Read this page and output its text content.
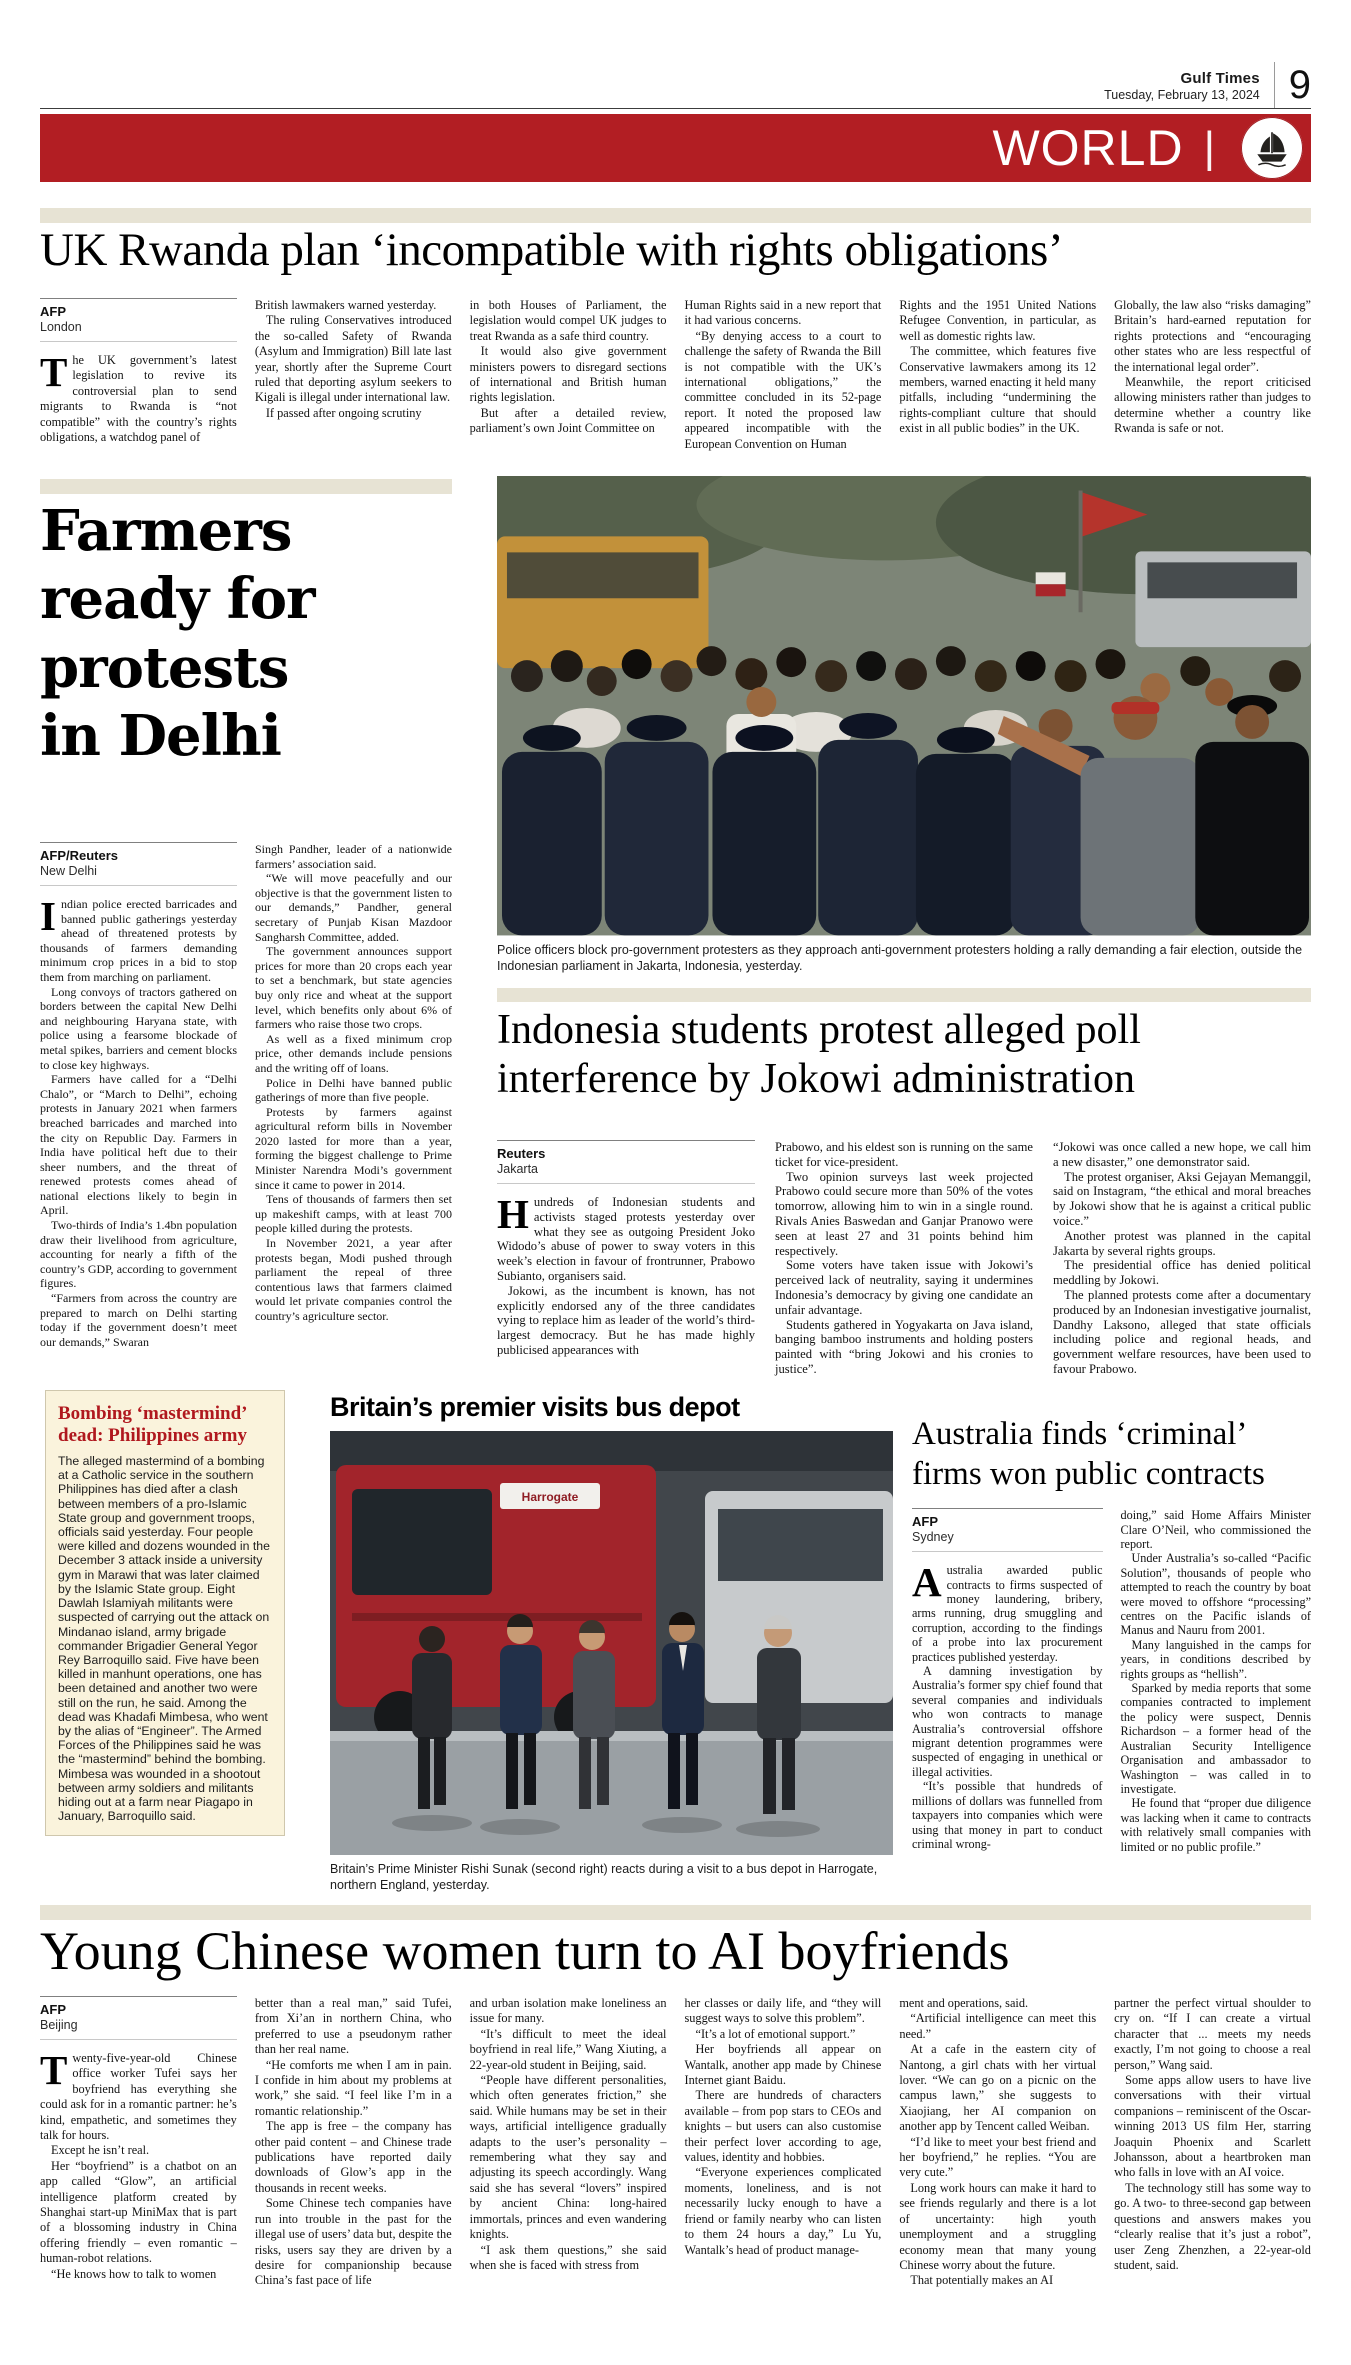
Gulf Times
Tuesday, February 13, 2024 9
WORLD |
UK Rwanda plan ‘incompatible with rights obligations’
AFP
London

The UK government’s latest legislation to revive its controversial plan to send migrants to Rwanda is “not compatible” with the country’s rights obligations, a watchdog panel of

British lawmakers warned yesterday.

The ruling Conservatives introduced the so-called Safety of Rwanda (Asylum and Immigration) Bill late last year, shortly after the Supreme Court ruled that deporting asylum seekers to Kigali is illegal under international law.

If passed after ongoing scrutiny

in both Houses of Parliament, the legislation would compel UK judges to treat Rwanda as a safe third country.

It would also give government ministers powers to disregard sections of international and British human rights legislation.

But after a detailed review, parliament’s own Joint Committee on

Human Rights said in a new report that it had various concerns.

“By denying access to a court to challenge the safety of Rwanda the Bill is not compatible with the UK’s international obligations,” the committee concluded in its 52-page report. It noted the proposed law appeared incompatible with the European Convention on Human

Rights and the 1951 United Nations Refugee Convention, in particular, as well as domestic rights law.

The committee, which features five Conservative lawmakers among its 12 members, warned enacting it held many pitfalls, including “undermining the rights-compliant culture that should exist in all public bodies” in the UK.

Globally, the law also “risks damaging” Britain’s hard-earned reputation for rights protections and “encouraging other states who are less respectful of the international legal order”.

Meanwhile, the report criticised allowing ministers rather than judges to determine whether a country like Rwanda is safe or not.

Farmers ready for protests in Delhi
AFP/Reuters
New Delhi

Indian police erected barricades and banned public gatherings yesterday ahead of threatened protests by thousands of farmers demanding minimum crop prices in a bid to stop them from marching on parliament.

Long convoys of tractors gathered on borders between the capital New Delhi and neighbouring Haryana state, with police using a fearsome blockade of metal spikes, barriers and cement blocks to close key highways.

Farmers have called for a “Delhi Chalo”, or “March to Delhi”, echoing protests in January 2021 when farmers breached barricades and marched into the city on Republic Day. Farmers in India have political heft due to their sheer numbers, and the threat of renewed protests comes ahead of national elections likely to begin in April.

Two-thirds of India’s 1.4bn population draw their livelihood from agriculture, accounting for nearly a fifth of the country’s GDP, according to government figures.

“Farmers from across the country are prepared to march on Delhi starting today if the government doesn’t meet our demands,” Swaran

Singh Pandher, leader of a nationwide farmers’ association said.

“We will move peacefully and our objective is that the government listen to our demands,” Pandher, general secretary of Punjab Kisan Mazdoor Sangharsh Committee, added.

The government announces support prices for more than 20 crops each year to set a benchmark, but state agencies buy only rice and wheat at the support level, which benefits only about 6% of farmers who raise those two crops.

As well as a fixed minimum crop price, other demands include pensions and the writing off of loans.

Police in Delhi have banned public gatherings of more than five people.

Protests by farmers against agricultural reform bills in November 2020 lasted for more than a year, forming the biggest challenge to Prime Minister Narendra Modi’s government since it came to power in 2014.

Tens of thousands of farmers then set up makeshift camps, with at least 700 people killed during the protests.

In November 2021, a year after protests began, Modi pushed through parliament the repeal of three contentious laws that farmers claimed would let private companies control the country’s agriculture sector.

Police officers block pro-government protesters as they approach anti-government protesters holding a rally demanding a fair election, outside the Indonesian parliament in Jakarta, Indonesia, yesterday.
Indonesia students protest alleged poll interference by Jokowi administration
Reuters
Jakarta

Hundreds of Indonesian students and activists staged protests yesterday over what they see as outgoing President Joko Widodo’s abuse of power to sway voters in this week’s election in favour of frontrunner, Prabowo Subianto, organisers said.

Jokowi, as the incumbent is known, has not explicitly endorsed any of the three candidates vying to replace him as leader of the world’s third-largest democracy. But he has made highly publicised appearances with

Prabowo, and his eldest son is running on the same ticket for vice-president.

Two opinion surveys last week projected Prabowo could secure more than 50% of the votes tomorrow, allowing him to win in a single round. Rivals Anies Baswedan and Ganjar Pranowo were seen at least 27 and 31 points behind him respectively.

Some voters have taken issue with Jokowi’s perceived lack of neutrality, saying it undermines Indonesia’s democracy by giving one candidate an unfair advantage.

Students gathered in Yogyakarta on Java island, banging bamboo instruments and holding posters painted with “bring Jokowi and his cronies to justice”.

“Jokowi was once called a new hope, we call him a new disaster,” one demonstrator said.

The protest organiser, Aksi Gejayan Memanggil, said on Instagram, “the ethical and moral breaches by Jokowi show that he is against a critical public voice.”

Another protest was planned in the capital Jakarta by several rights groups.

The presidential office has denied political meddling by Jokowi.

The planned protests come after a documentary produced by an Indonesian investigative journalist, Dandhy Laksono, alleged that state officials including police and regional heads, and government welfare resources, have been used to favour Prabowo.

Bombing ‘mastermind’ dead: Philippines army

The alleged mastermind of a bombing at a Catholic service in the southern Philippines has died after a clash between members of a pro-Islamic State group and government troops, officials said yesterday. Four people were killed and dozens wounded in the December 3 attack inside a university gym in Marawi that was later claimed by the Islamic State group. Eight Dawlah Islamiyah militants were suspected of carrying out the attack on Mindanao island, army brigade commander Brigadier General Yegor Rey Barroquillo said. Five have been killed in manhunt operations, one has been detained and another two were still on the run, he said. Among the dead was Khadafi Mimbesa, who went by the alias of “Engineer”. The Armed Forces of the Philippines said he was the “mastermind” behind the bombing. Mimbesa was wounded in a shootout between army soldiers and militants hiding out at a farm near Piagapo in January, Barroquillo said.

Britain’s premier visits bus depot
Harrogate

Britain’s Prime Minister Rishi Sunak (second right) reacts during a visit to a bus depot in Harrogate, northern England, yesterday.

Australia finds ‘criminal’ firms won public contracts
AFP
Sydney

Australia awarded public contracts to firms suspected of money laundering, bribery, arms running, drug smuggling and corruption, according to the findings of a probe into lax procurement practices published yesterday.

A damning investigation by Australia’s former spy chief found that several companies and individuals who won contracts to manage Australia’s controversial offshore migrant detention programmes were suspected of engaging in unethical or illegal activities.

“It’s possible that hundreds of millions of dollars was funnelled from taxpayers into companies which were using that money in part to conduct criminal wrong-

doing,” said Home Affairs Minister Clare O’Neil, who commissioned the report.

Under Australia’s so-called “Pacific Solution”, thousands of people who attempted to reach the country by boat were moved to offshore “processing” centres on the Pacific islands of Manus and Nauru from 2001.

Many languished in the camps for years, in conditions described by rights groups as “hellish”.

Sparked by media reports that some companies contracted to implement the policy were suspect, Dennis Richardson – a former head of the Australian Security Intelligence Organisation and ambassador to Washington – was called in to investigate.

He found that “proper due diligence was lacking when it came to contracts with relatively small companies with limited or no public profile.”

Young Chinese women turn to AI boyfriends
AFP
Beijing

Twenty-five-year-old Chinese office worker Tufei says her boyfriend has everything she could ask for in a romantic partner: he’s kind, empathetic, and sometimes they talk for hours.

Except he isn’t real.

Her “boyfriend” is a chatbot on an app called “Glow”, an artificial intelligence platform created by Shanghai start-up MiniMax that is part of a blossoming industry in China offering friendly – even romantic – human-robot relations.

“He knows how to talk to women

better than a real man,” said Tufei, from Xi’an in northern China, who preferred to use a pseudonym rather than her real name.

“He comforts me when I am in pain. I confide in him about my problems at work,” she said. “I feel like I’m in a romantic relationship.”

The app is free – the company has other paid content – and Chinese trade publications have reported daily downloads of Glow’s app in the thousands in recent weeks.

Some Chinese tech companies have run into trouble in the past for the illegal use of users’ data but, despite the risks, users say they are driven by a desire for companionship because China’s fast pace of life

and urban isolation make loneliness an issue for many.

“It’s difficult to meet the ideal boyfriend in real life,” Wang Xiuting, a 22-year-old student in Beijing, said.

“People have different personalities, which often generates friction,” she said. While humans may be set in their ways, artificial intelligence gradually adapts to the user’s personality – remembering what they say and adjusting its speech accordingly. Wang said she has several “lovers” inspired by ancient China: long-haired immortals, princes and even wandering knights.

“I ask them questions,” she said when she is faced with stress from

her classes or daily life, and “they will suggest ways to solve this problem”.

“It’s a lot of emotional support.”

Her boyfriends all appear on Wantalk, another app made by Chinese Internet giant Baidu.

There are hundreds of characters available – from pop stars to CEOs and knights – but users can also customise their perfect lover according to age, values, identity and hobbies.

“Everyone experiences complicated moments, loneliness, and is not necessarily lucky enough to have a friend or family nearby who can listen to them 24 hours a day,” Lu Yu, Wantalk’s head of product manage-

ment and operations, said.

“Artificial intelligence can meet this need.”

At a cafe in the eastern city of Nantong, a girl chats with her virtual lover. “We can go on a picnic on the campus lawn,” she suggests to Xiaojiang, her AI companion on another app by Tencent called Weiban.

“I’d like to meet your best friend and her boyfriend,” he replies. “You are very cute.”

Long work hours can make it hard to see friends regularly and there is a lot of uncertainty: high youth unemployment and a struggling economy mean that many young Chinese worry about the future.

That potentially makes an AI

partner the perfect virtual shoulder to cry on. “If I can create a virtual character that ... meets my needs exactly, I’m not going to choose a real person,” Wang said.

Some apps allow users to have live conversations with their virtual companions – reminiscent of the Oscar-winning 2013 US film Her, starring Joaquin Phoenix and Scarlett Johansson, about a heartbroken man who falls in love with an AI voice.

The technology still has some way to go. A two- to three-second gap between questions and answers makes you “clearly realise that it’s just a robot”, user Zeng Zhenzhen, a 22-year-old student, said.
